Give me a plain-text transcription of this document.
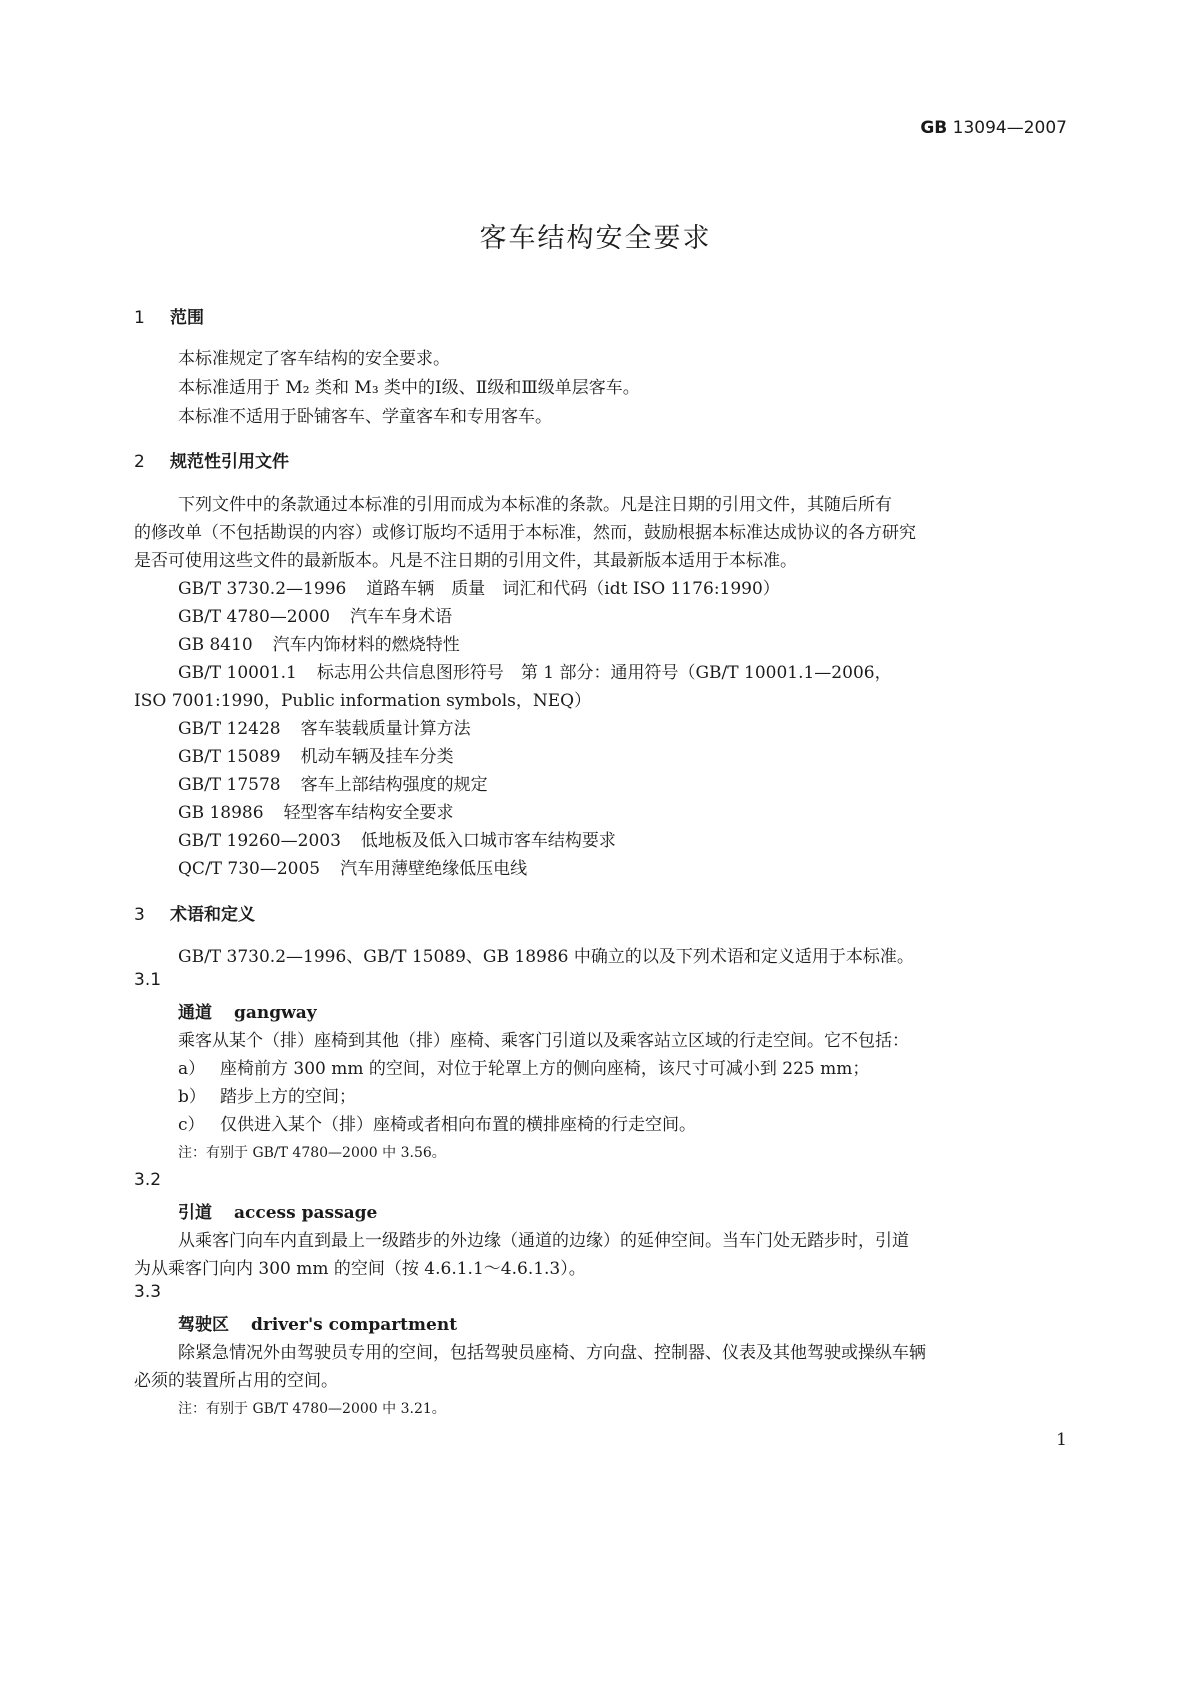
GB 13094—2007
客车结构安全要求
1 范围
本标准规定了客车结构的安全要求。
本标准适用于 M₂ 类和 M₃ 类中的Ⅰ级、Ⅱ级和Ⅲ级单层客车。
本标准不适用于卧铺客车、学童客车和专用客车。
2 规范性引用文件
下列文件中的条款通过本标准的引用而成为本标准的条款。凡是注日期的引用文件，其随后所有
的修改单（不包括勘误的内容）或修订版均不适用于本标准，然而，鼓励根据本标准达成协议的各方研究
是否可使用这些文件的最新版本。凡是不注日期的引用文件，其最新版本适用于本标准。
GB/T 3730.2—1996 道路车辆　质量　词汇和代码（idt ISO 1176:1990）
GB/T 4780—2000 汽车车身术语
GB 8410 汽车内饰材料的燃烧特性
GB/T 10001.1 标志用公共信息图形符号　第 1 部分：通用符号（GB/T 10001.1—2006，
ISO 7001:1990，Public information symbols，NEQ）
GB/T 12428 客车装载质量计算方法
GB/T 15089 机动车辆及挂车分类
GB/T 17578 客车上部结构强度的规定
GB 18986 轻型客车结构安全要求
GB/T 19260—2003 低地板及低入口城市客车结构要求
QC/T 730—2005 汽车用薄壁绝缘低压电线
3 术语和定义
GB/T 3730.2—1996、GB/T 15089、GB 18986 中确立的以及下列术语和定义适用于本标准。
3.1
通道 gangway
乘客从某个（排）座椅到其他（排）座椅、乘客门引道以及乘客站立区域的行走空间。它不包括：
a） 座椅前方 300 mm 的空间，对位于轮罩上方的侧向座椅，该尺寸可减小到 225 mm；
b） 踏步上方的空间；
c） 仅供进入某个（排）座椅或者相向布置的横排座椅的行走空间。
注：有别于 GB/T 4780—2000 中 3.56。
3.2
引道 access passage
从乘客门向车内直到最上一级踏步的外边缘（通道的边缘）的延伸空间。当车门处无踏步时，引道
为从乘客门向内 300 mm 的空间（按 4.6.1.1～4.6.1.3）。
3.3
驾驶区 driver's compartment
除紧急情况外由驾驶员专用的空间，包括驾驶员座椅、方向盘、控制器、仪表及其他驾驶或操纵车辆
必须的装置所占用的空间。
注：有别于 GB/T 4780—2000 中 3.21。
1
